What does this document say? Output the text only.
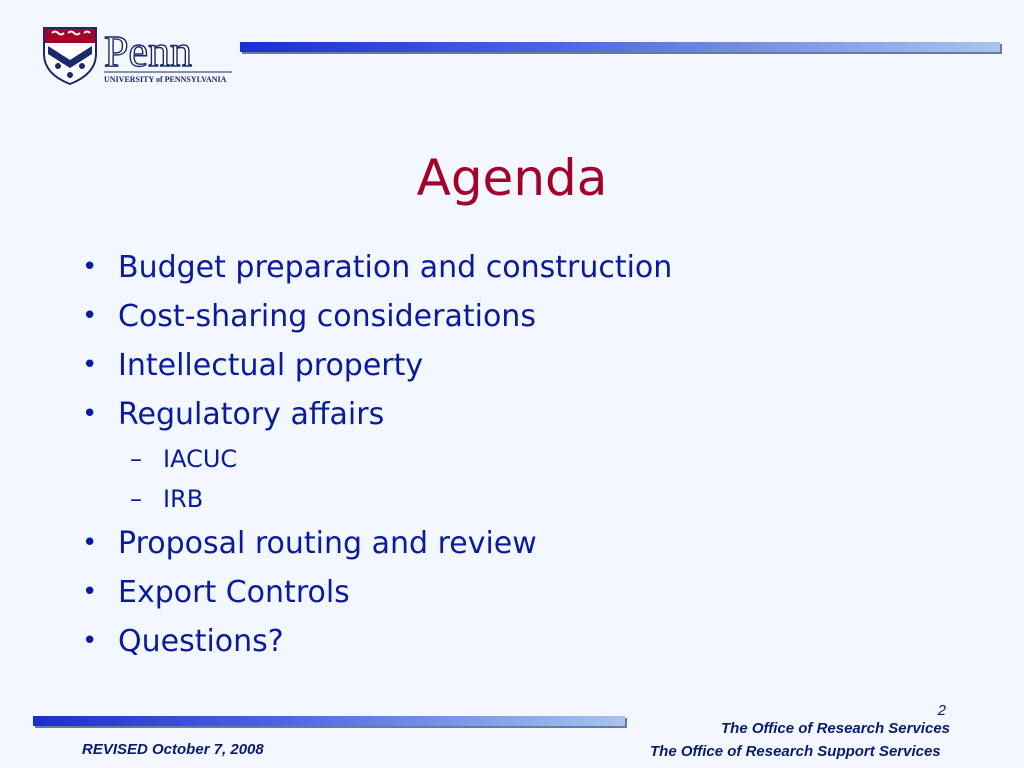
Penn
UNIVERSITY of PENNSYLVANIA
Agenda
• Budget preparation and construction
• Cost-sharing considerations
• Intellectual property
• Regulatory affairs
– IACUC
– IRB
• Proposal routing and review
• Export Controls
• Questions?
2
The Office of Research Services
REVISED October 7, 2008	The Office of Research Support Services
